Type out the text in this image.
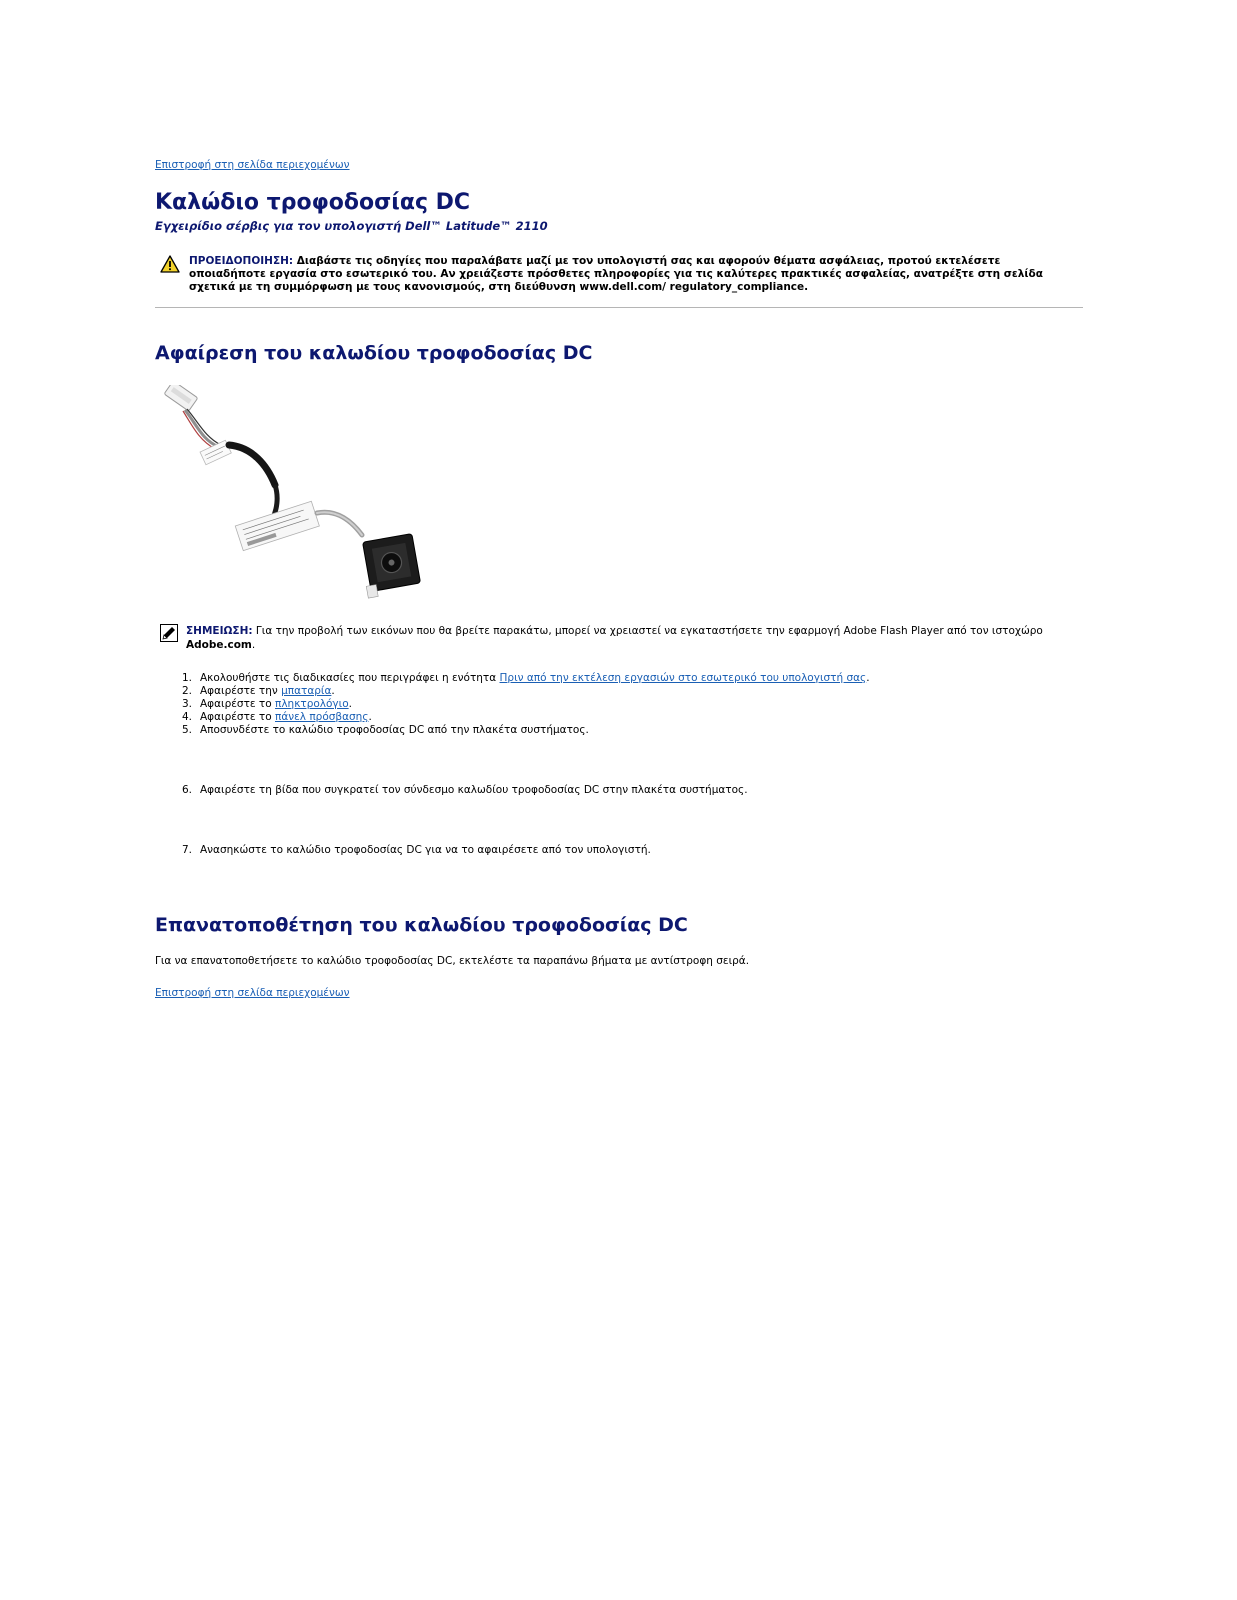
Επιστροφή στη σελίδα περιεχομένων
Καλώδιο τροφοδοσίας DC

Εγχειρίδιο σέρβις για τον υπολογιστή Dell™ Latitude™ 2110

ΠΡΟΕΙΔΟΠΟΙΗΣΗ: Διαβάστε τις οδηγίες που παραλάβατε μαζί με τον υπολογιστή σας και αφορούν θέματα ασφάλειας, προτού εκτελέσετε οποιαδήποτε εργασία στο εσωτερικό του. Αν χρειάζεστε πρόσθετες πληροφορίες για τις καλύτερες πρακτικές ασφαλείας, ανατρέξτε στη σελίδα σχετικά με τη συμμόρφωση με τους κανονισμούς, στη διεύθυνση www.dell.com/ regulatory_compliance.
Αφαίρεση του καλωδίου τροφοδοσίας DC
ΣΗΜΕΙΩΣΗ: Για την προβολή των εικόνων που θα βρείτε παρακάτω, μπορεί να χρειαστεί να εγκαταστήσετε την εφαρμογή Adobe Flash Player από τον ιστοχώρο Adobe.com.
1. Ακολουθήστε τις διαδικασίες που περιγράφει η ενότητα Πριν από την εκτέλεση εργασιών στο εσωτερικό του υπολογιστή σας.
2. Αφαιρέστε την μπαταρία.
3. Αφαιρέστε το πληκτρολόγιο.
4. Αφαιρέστε το πάνελ πρόσβασης.
5. Αποσυνδέστε το καλώδιο τροφοδοσίας DC από την πλακέτα συστήματος.
6. Αφαιρέστε τη βίδα που συγκρατεί τον σύνδεσμο καλωδίου τροφοδοσίας DC στην πλακέτα συστήματος.
7. Ανασηκώστε το καλώδιο τροφοδοσίας DC για να το αφαιρέσετε από τον υπολογιστή.
Επανατοποθέτηση του καλωδίου τροφοδοσίας DC

Για να επανατοποθετήσετε το καλώδιο τροφοδοσίας DC, εκτελέστε τα παραπάνω βήματα με αντίστροφη σειρά.

Επιστροφή στη σελίδα περιεχομένων
